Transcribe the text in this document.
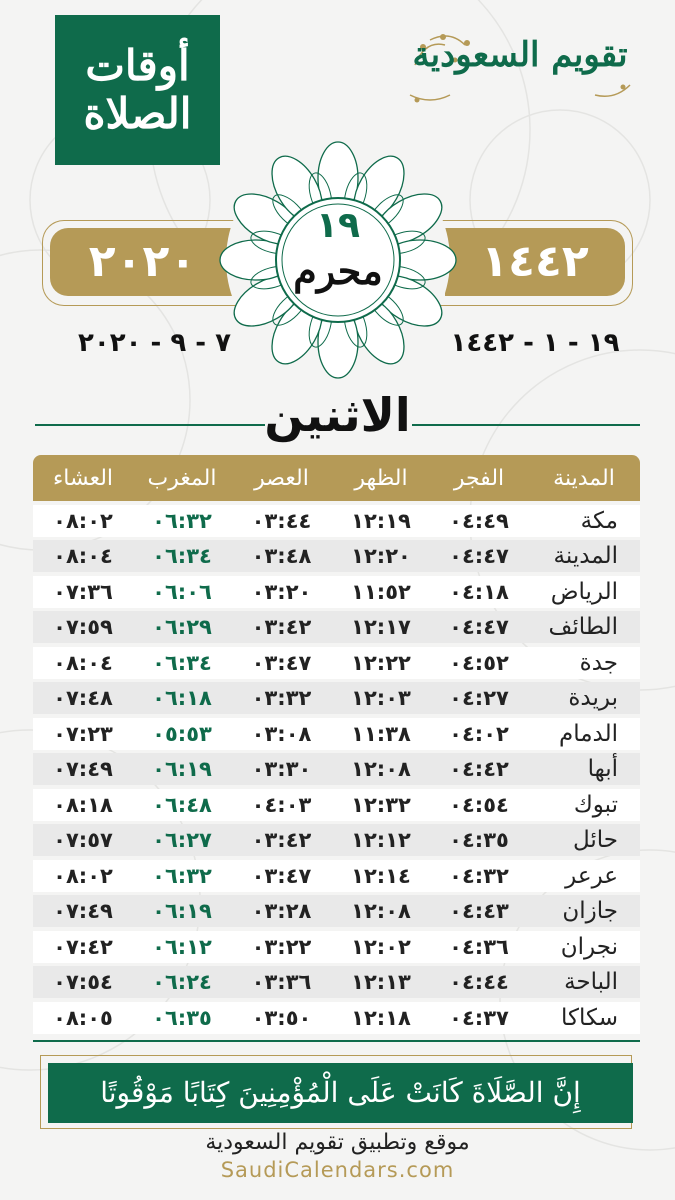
أوقات
الصلاة
تقويم السعودية
٢٠٢٠	١٤٤٢
١٩
محرم
٧ - ٩ - ٢٠٢٠	١٩ - ١ - ١٤٤٢
الاثنين
المدينة
الفجر
الظهر
العصر
المغرب
العشاء
مكة
٠٤:٤٩
١٢:١٩
٠٣:٤٤
٠٦:٣٢
٠٨:٠٢
المدينة
٠٤:٤٧
١٢:٢٠
٠٣:٤٨
٠٦:٣٤
٠٨:٠٤
الرياض
٠٤:١٨
١١:٥٢
٠٣:٢٠
٠٦:٠٦
٠٧:٣٦
الطائف
٠٤:٤٧
١٢:١٧
٠٣:٤٢
٠٦:٢٩
٠٧:٥٩
جدة
٠٤:٥٢
١٢:٢٢
٠٣:٤٧
٠٦:٣٤
٠٨:٠٤
بريدة
٠٤:٢٧
١٢:٠٣
٠٣:٣٢
٠٦:١٨
٠٧:٤٨
الدمام
٠٤:٠٢
١١:٣٨
٠٣:٠٨
٠٥:٥٣
٠٧:٢٣
أبها
٠٤:٤٢
١٢:٠٨
٠٣:٣٠
٠٦:١٩
٠٧:٤٩
تبوك
٠٤:٥٤
١٢:٣٢
٠٤:٠٣
٠٦:٤٨
٠٨:١٨
حائل
٠٤:٣٥
١٢:١٢
٠٣:٤٢
٠٦:٢٧
٠٧:٥٧
عرعر
٠٤:٣٢
١٢:١٤
٠٣:٤٧
٠٦:٣٢
٠٨:٠٢
جازان
٠٤:٤٣
١٢:٠٨
٠٣:٢٨
٠٦:١٩
٠٧:٤٩
نجران
٠٤:٣٦
١٢:٠٢
٠٣:٢٢
٠٦:١٢
٠٧:٤٢
الباحة
٠٤:٤٤
١٢:١٣
٠٣:٣٦
٠٦:٢٤
٠٧:٥٤
سكاكا
٠٤:٣٧
١٢:١٨
٠٣:٥٠
٠٦:٣٥
٠٨:٠٥
إِنَّ الصَّلَاةَ كَانَتْ عَلَى الْمُؤْمِنِينَ كِتَابًا مَوْقُوتًا
موقع وتطبيق تقويم السعودية
SaudiCalendars.com
